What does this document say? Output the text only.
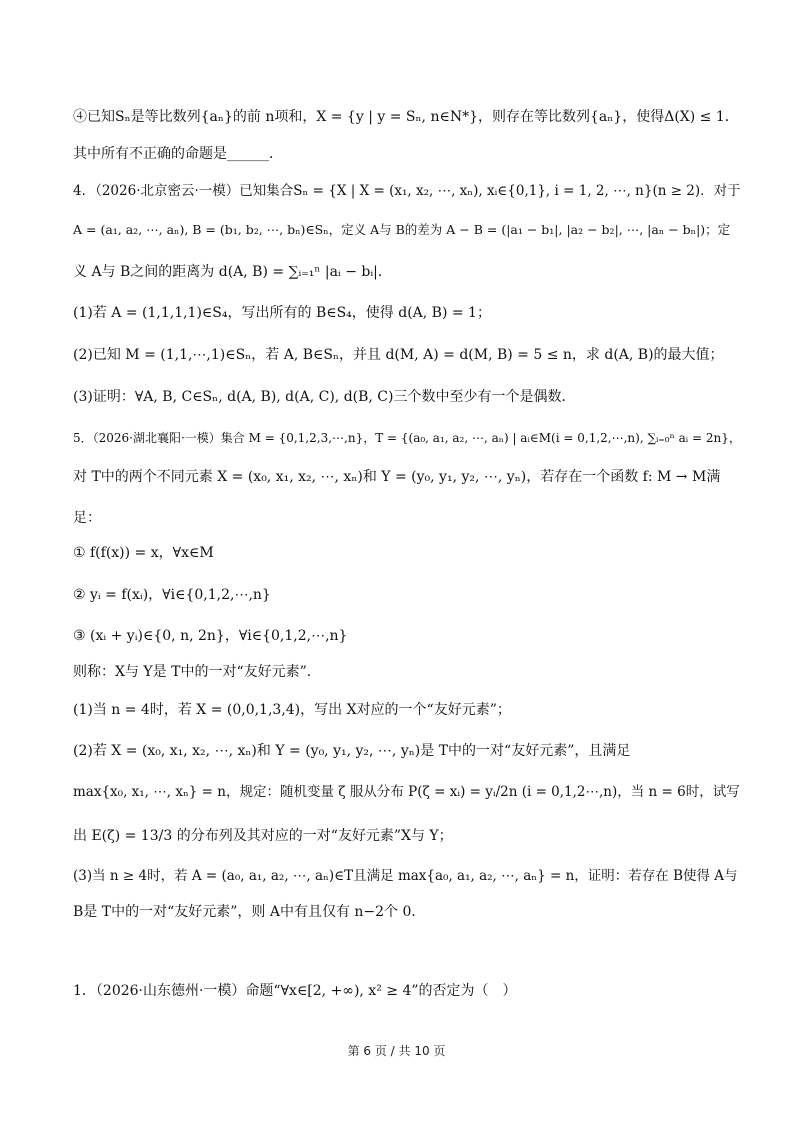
④已知Sₙ是等比数列{aₙ}的前 n项和，X = {y | y = Sₙ, n∈N*}，则存在等比数列{aₙ}，使得Δ(X) ≤ 1．
其中所有不正确的命题是______．
4．（2026·北京密云·一模）已知集合Sₙ = {X | X = (x₁, x₂, ⋯, xₙ), xᵢ∈{0,1}, i = 1, 2, ⋯, n}(n ≥ 2)．对于
A = (a₁, a₂, ⋯, aₙ), B = (b₁, b₂, ⋯, bₙ)∈Sₙ，定义 A与 B的差为 A − B = (|a₁ − b₁|, |a₂ − b₂|, ⋯, |aₙ − bₙ|)；定
义 A与 B之间的距离为 d(A, B) = ∑ᵢ₌₁ⁿ |aᵢ − bᵢ|．
(1)若 A = (1,1,1,1)∈S₄，写出所有的 B∈S₄，使得 d(A, B) = 1；
(2)已知 M = (1,1,⋯,1)∈Sₙ，若 A, B∈Sₙ，并且 d(M, A) = d(M, B) = 5 ≤ n，求 d(A, B)的最大值；
(3)证明：∀A, B, C∈Sₙ, d(A, B), d(A, C), d(B, C)三个数中至少有一个是偶数．
5．（2026·湖北襄阳·一模）集合 M = {0,1,2,3,⋯,n}，T = {(a₀, a₁, a₂, ⋯, aₙ) | aᵢ∈M(i = 0,1,2,⋯,n), ∑ᵢ₌₀ⁿ aᵢ = 2n}，
对 T中的两个不同元素 X = (x₀, x₁, x₂, ⋯, xₙ)和 Y = (y₀, y₁, y₂, ⋯, yₙ)，若存在一个函数 f: M → M满
足：
① f(f(x)) = x，∀x∈M
② yᵢ = f(xᵢ)，∀i∈{0,1,2,⋯,n}
③ (xᵢ + yᵢ)∈{0, n, 2n}，∀i∈{0,1,2,⋯,n}
则称：X与 Y是 T中的一对“友好元素”．
(1)当 n = 4时，若 X = (0,0,1,3,4)，写出 X对应的一个“友好元素”；
(2)若 X = (x₀, x₁, x₂, ⋯, xₙ)和 Y = (y₀, y₁, y₂, ⋯, yₙ)是 T中的一对“友好元素”，且满足
max{x₀, x₁, ⋯, xₙ} = n，规定：随机变量 ζ 服从分布 P(ζ = xᵢ) = yᵢ/2n (i = 0,1,2⋯,n)，当 n = 6时，试写
出 E(ζ) = 13/3 的分布列及其对应的一对“友好元素”X与 Y；
(3)当 n ≥ 4时，若 A = (a₀, a₁, a₂, ⋯, aₙ)∈T且满足 max{a₀, a₁, a₂, ⋯, aₙ} = n，证明：若存在 B使得 A与
B是 T中的一对“友好元素”，则 A中有且仅有 n−2个 0．
1．（2026·山东德州·一模）命题“∀x∈[2, +∞), x² ≥ 4”的否定为（　）
第 6 页 / 共 10 页
